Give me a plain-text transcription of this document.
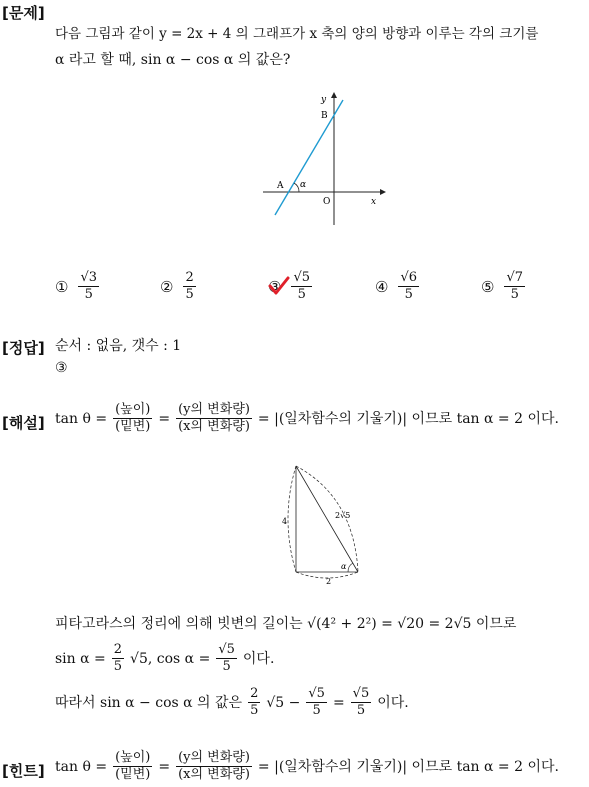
[문제]
[정답]
[해설]
[힌트]
다음 그림과 같이 y = 2x + 4 의 그래프가 x 축의 양의 방향과 이루는 각의 크기를
α 라고 할 때, sin α − cos α 의 값은?
y
B
A α
O	x
① $\frac{√3}{5}$	② $\frac{2}{5}$	③ $\frac{√5}{5}$	④ $\frac{√6}{5}$	⑤ $\frac{√7}{5}$
순서 : 없음, 갯수 : 1
③
$\tan \theta = \frac{\text{(높이)}}{\text{(밑변)}} = \frac{\text{(y의 변화량)}}{\text{(x의 변화량)}}$ = |(일차함수의 기울기)| 이므로 tan α = 2 이다.
4
2√5
2
α
피타고라스의 정리에 의해 빗변의 길이는 √(4² + 2²) = √20 = 2√5 이므로
$\sin \alpha = \frac{2}{5} √5$, $\cos \alpha = \frac{√5}{5}$ 이다.
따라서 sin α − cos α 의 값은 $\frac{2}{5} √5 - \frac{√5}{5} = \frac{√5}{5}$ 이다.
$\tan \theta = \frac{\text{(높이)}}{\text{(밑변)}} = \frac{\text{(y의 변화량)}}{\text{(x의 변화량)}}$ = |(일차함수의 기울기)| 이므로 tan α = 2 이다.
